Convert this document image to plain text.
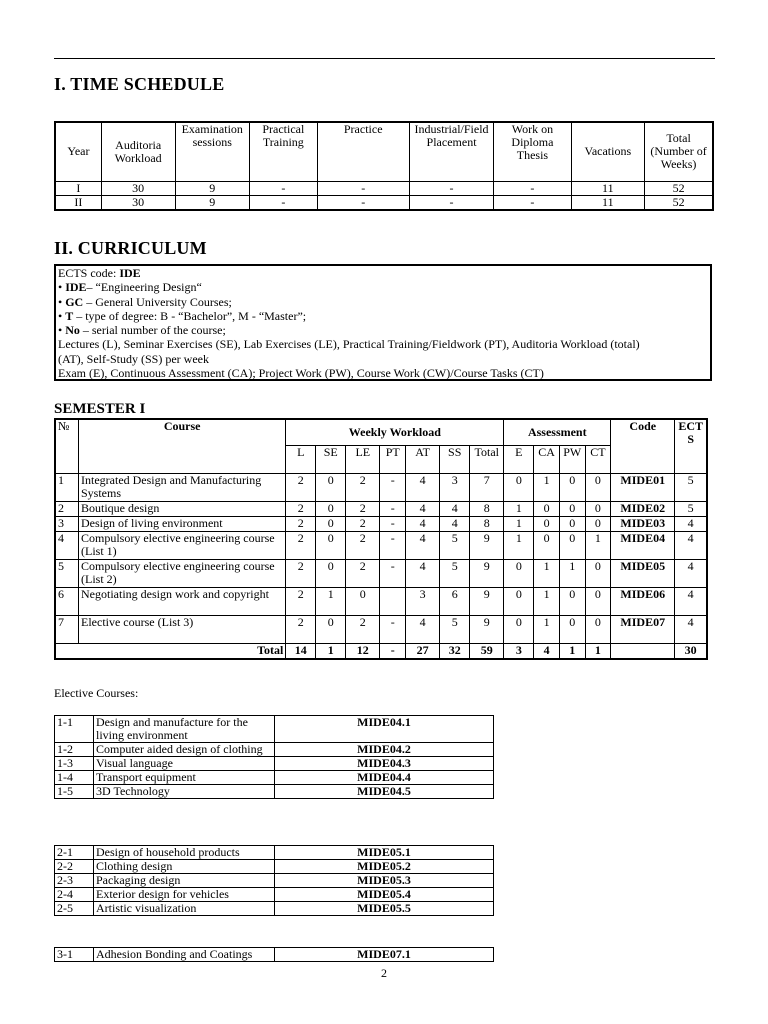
I. TIME SCHEDULE
Year	Auditoria Workload	Examination sessions	Practical Training	Practice	Industrial/Field Placement	Work on Diploma Thesis	Vacations	Total (Number of Weeks)
I	30	9	-	-	-	-	11	52
II	30	9	-	-	-	-	11	52
II. CURRICULUM
ECTS code: IDE
• IDE– “Engineering Design“
• GC – General University Courses;
• T – type of degree: B - “Bachelor”, M - “Master”;
• No – serial number of the course;
Lectures (L), Seminar Exercises (SE), Lab Exercises (LE), Practical Training/Fieldwork (PT), Auditoria Workload (total)
(AT), Self-Study (SS) per week
Exam (E), Continuous Assessment (CA); Project Work (PW), Course Work (CW)/Course Tasks (CT)
SEMESTER I
№	Course	Weekly Workload							Assessment				Code	ECTS
		L	SE	LE	PT	AT	SS	Total	E	CA	PW	CT		
1	Integrated Design and Manufacturing Systems	2	0	2	-	4	3	7	0	1	0	0	MIDE01	5
2	Boutique design	2	0	2	-	4	4	8	1	0	0	0	MIDE02	5
3	Design of living environment	2	0	2	-	4	4	8	1	0	0	0	MIDE03	4
4	Compulsory elective engineering course (List 1)	2	0	2	-	4	5	9	1	0	0	1	MIDE04	4
5	Compulsory elective engineering course (List 2)	2	0	2	-	4	5	9	0	1	1	0	MIDE05	4
6	Negotiating design work and copyright	2	1	0		3	6	9	0	1	0	0	MIDE06	4
7	Elective course (List 3)	2	0	2	-	4	5	9	0	1	0	0	MIDE07	4
Total		14	1	12	-	27	32	59	3	4	1	1		30
Elective Courses:
1-1	Design and manufacture for the living environment	MIDE04.1
1-2	Computer aided design of clothing	MIDE04.2
1-3	Visual language	MIDE04.3
1-4	Transport equipment	MIDE04.4
1-5	3D Technology	MIDE04.5
2-1	Design of household products	MIDE05.1
2-2	Clothing design	MIDE05.2
2-3	Packaging design	MIDE05.3
2-4	Exterior design for vehicles	MIDE05.4
2-5	Artistic visualization	MIDE05.5
3-1	Adhesion Bonding and Coatings	MIDE07.1
2
